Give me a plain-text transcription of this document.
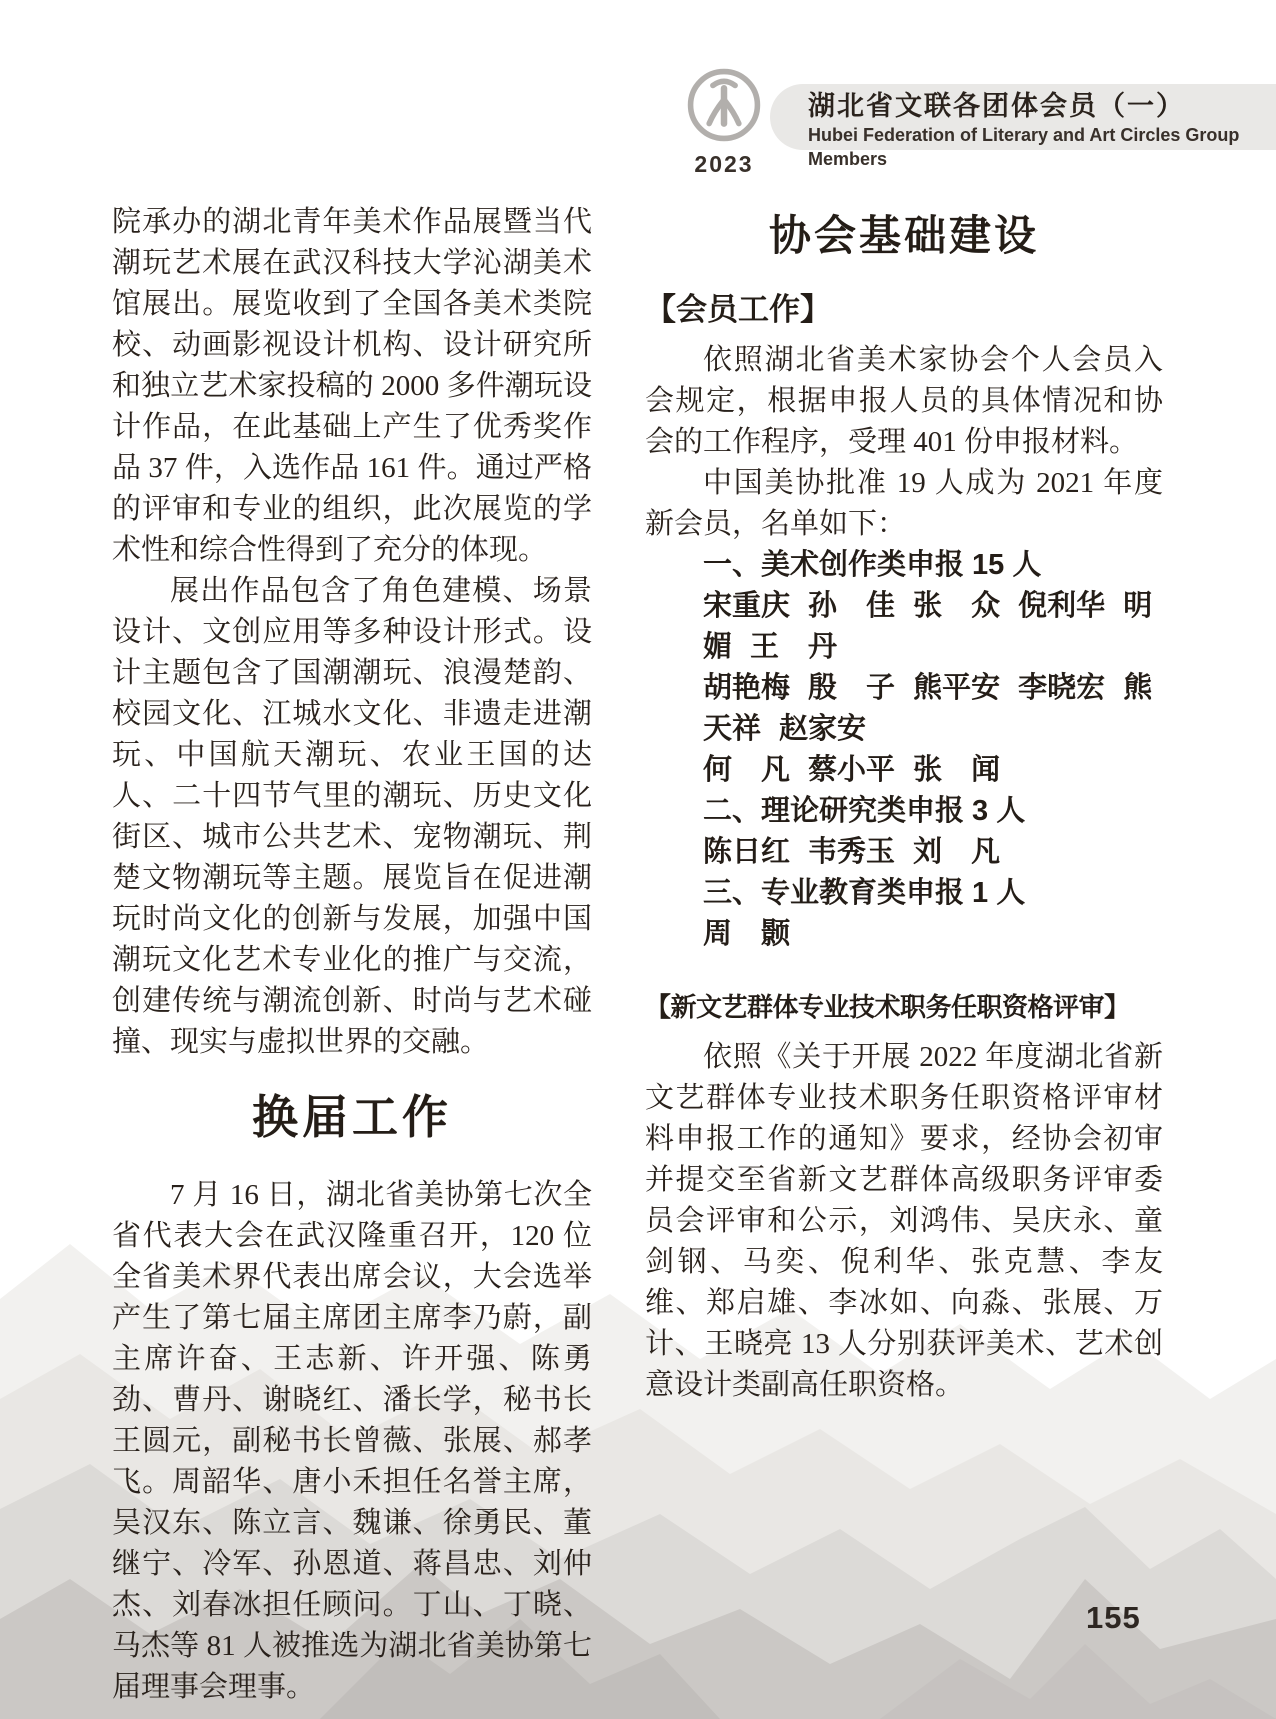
2023
湖北省文联各团体会员（一）
Hubei Federation of Literary and Art Circles Group Members

院承办的湖北青年美术作品展暨当代潮玩艺术展在武汉科技大学沁湖美术馆展出。展览收到了全国各美术类院校、动画影视设计机构、设计研究所和独立艺术家投稿的 2000 多件潮玩设计作品，在此基础上产生了优秀奖作品 37 件，入选作品 161 件。通过严格的评审和专业的组织，此次展览的学术性和综合性得到了充分的体现。

展出作品包含了角色建模、场景设计、文创应用等多种设计形式。设计主题包含了国潮潮玩、浪漫楚韵、校园文化、江城水文化、非遗走进潮玩、中国航天潮玩、农业王国的达人、二十四节气里的潮玩、历史文化街区、城市公共艺术、宠物潮玩、荆楚文物潮玩等主题。展览旨在促进潮玩时尚文化的创新与发展，加强中国潮玩文化艺术专业化的推广与交流，创建传统与潮流创新、时尚与艺术碰撞、现实与虚拟世界的交融。

换届工作

7 月 16 日，湖北省美协第七次全省代表大会在武汉隆重召开，120 位全省美术界代表出席会议，大会选举产生了第七届主席团主席李乃蔚，副主席许奋、王志新、许开强、陈勇劲、曹丹、谢晓红、潘长学，秘书长王圆元，副秘书长曾薇、张展、郝孝飞。周韶华、唐小禾担任名誉主席，吴汉东、陈立言、魏谦、徐勇民、董继宁、冷军、孙恩道、蒋昌忠、刘仲杰、刘春冰担任顾问。丁山、丁晓、马杰等 81 人被推选为湖北省美协第七届理事会理事。

协会基础建设
【会员工作】

依照湖北省美术家协会个人会员入会规定，根据申报人员的具体情况和协会的工作程序，受理 401 份申报材料。

中国美协批准 19 人成为 2021 年度新会员，名单如下：

一、美术创作类申报 15 人
宋重庆 孙　佳 张　众 倪利华 明　媚 王　丹
胡艳梅 殷　子 熊平安 李晓宏 熊天祥 赵家安
何　凡 蔡小平 张　闻
二、理论研究类申报 3 人
陈日红 韦秀玉 刘　凡
三、专业教育类申报 1 人
周　颢
【新文艺群体专业技术职务任职资格评审】

依照《关于开展 2022 年度湖北省新文艺群体专业技术职务任职资格评审材料申报工作的通知》要求，经协会初审并提交至省新文艺群体高级职务评审委员会评审和公示，刘鸿伟、吴庆永、童剑钢、马奕、倪利华、张克慧、李友维、郑启雄、李冰如、向淼、张展、万计、王晓亮 13 人分别获评美术、艺术创意设计类副高任职资格。

155
